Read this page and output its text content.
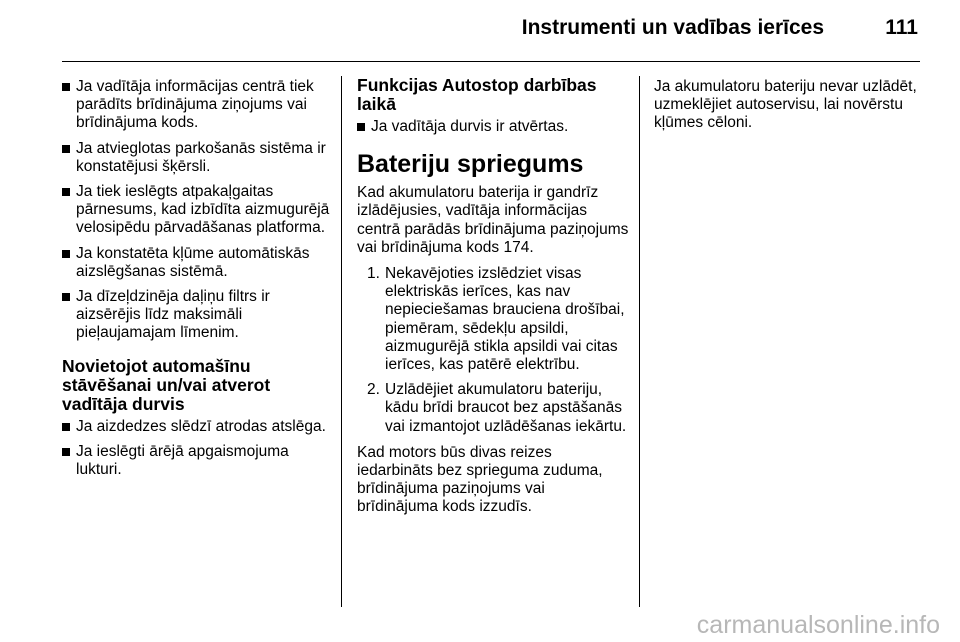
Instrumenti un vadības ierīces	111
Ja vadītāja informācijas centrā tiek parādīts brīdinājuma ziņojums vai brīdinājuma kods.
Ja atvieglotas parkošanās sistēma ir konstatējusi šķērsli.
Ja tiek ieslēgts atpakaļgaitas pārnesums, kad izbīdīta aizmugurējā velosipēdu pārvadāšanas platforma.
Ja konstatēta kļūme automātiskās aizslēgšanas sistēmā.
Ja dīzeļdzinēja daļiņu filtrs ir aizsērējis līdz maksimāli pieļaujamajam līmenim.
Novietojot automašīnu stāvēšanai un/vai atverot vadītāja durvis
Ja aizdedzes slēdzī atrodas atslēga.
Ja ieslēgti ārējā apgaismojuma lukturi.
Funkcijas Autostop darbības laikā
Ja vadītāja durvis ir atvērtas.
Bateriju spriegums

Kad akumulatoru baterija ir gandrīz izlādējusies, vadītāja informācijas centrā parādās brīdinājuma paziņojums vai brīdinājuma kods 174.

1. Nekavējoties izslēdziet visas elektriskās ierīces, kas nav nepieciešamas brauciena drošībai, piemēram, sēdekļu apsildi, aizmugurējā stikla apsildi vai citas ierīces, kas patērē elektrību.
2. Uzlādējiet akumulatoru bateriju, kādu brīdi braucot bez apstāšanās vai izmantojot uzlādēšanas iekārtu.

Kad motors būs divas reizes iedarbināts bez sprieguma zuduma, brīdinājuma paziņojums vai brīdinājuma kods izzudīs.

Ja akumulatoru bateriju nevar uzlādēt, uzmeklējiet autoservisu, lai novērstu kļūmes cēloni.

carmanualsonline.info
